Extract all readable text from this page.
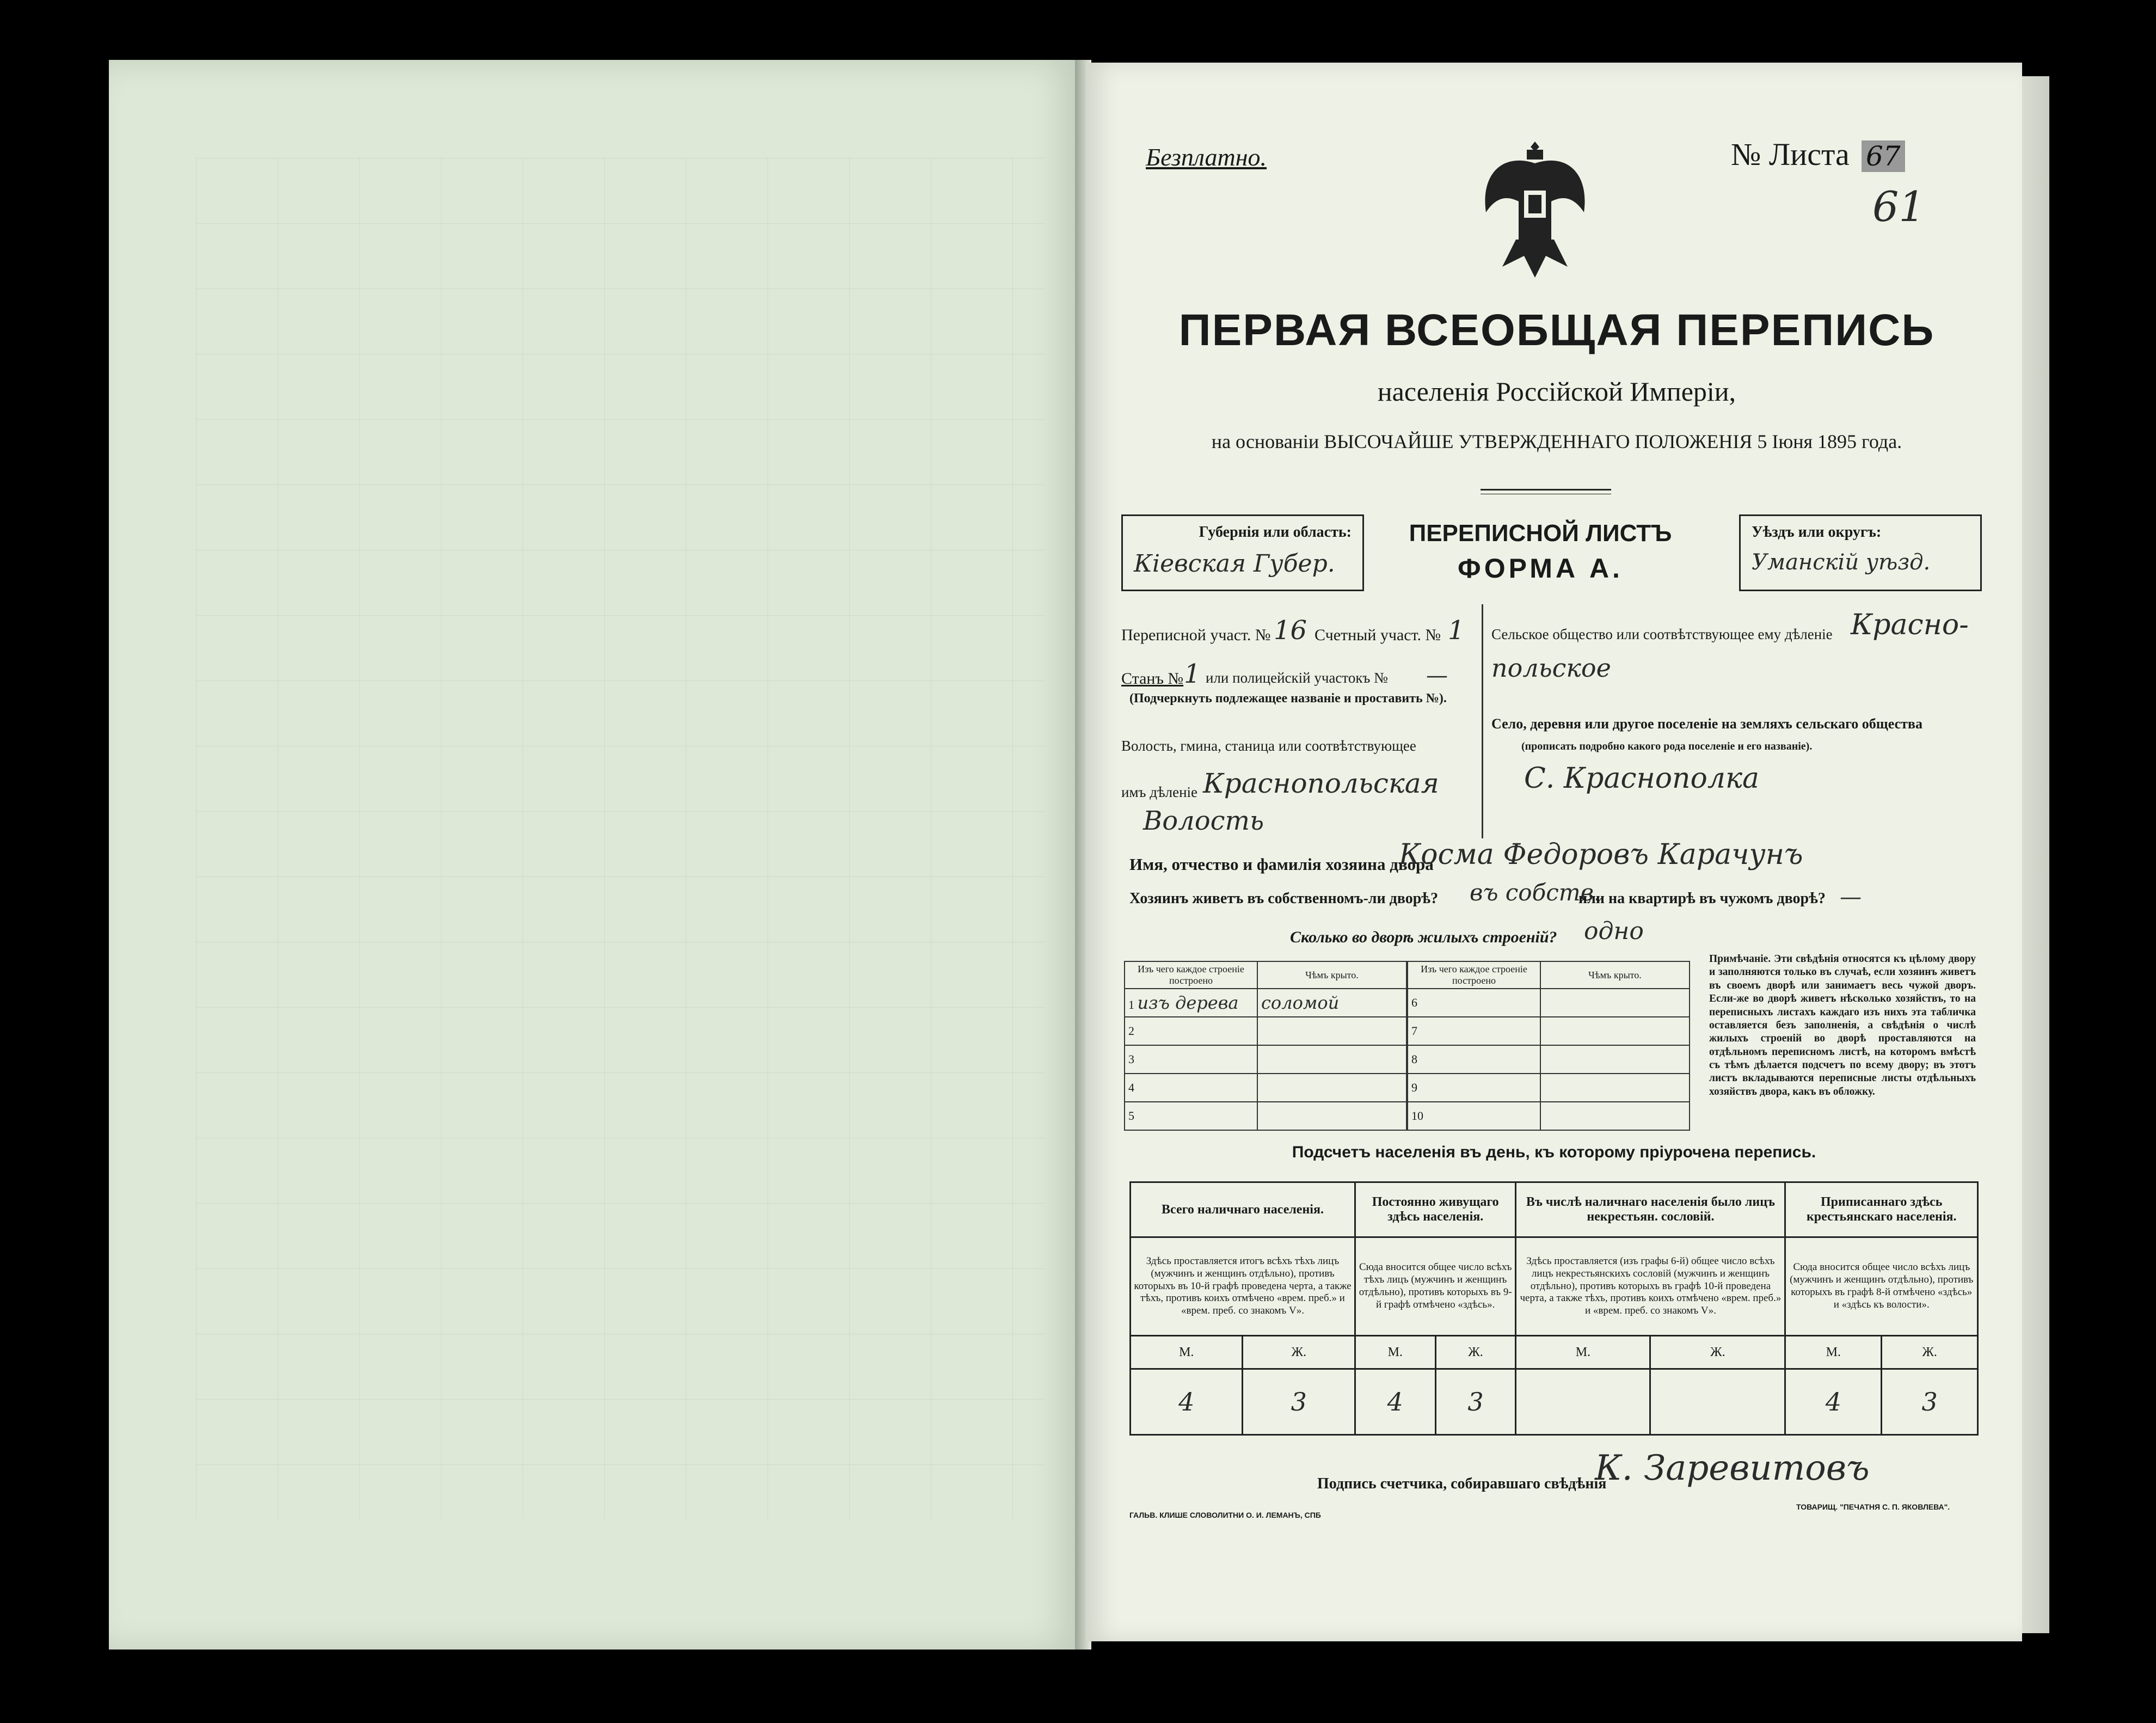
Безплатно.	№ Листа 67
61
ПЕРВАЯ ВСЕОБЩАЯ ПЕРЕПИСЬ
населенія Россійской Имперіи,
на основаніи ВЫСОЧАЙШЕ УТВЕРЖДЕННАГО ПОЛОЖЕНІЯ 5 Іюня 1895 года.
Губернія или область:
Кіевская Губер.
ПЕРЕПИСНОЙ ЛИСТЪ
ФОРМА А.
Уѣздъ или округъ:
Уманскій уѣзд.
Переписной участ. № 16 Счетный участ. № 1
Станъ № 1 или полицейскій участокъ № —
(Подчеркнуть подлежащее названіе и проставить №).
Волость, гмина, станица или соотвѣтствующее
имъ дѣленіе Краснопольская
Волость
Сельское общество или соотвѣтствующее ему дѣленіе Красно-
польское
Село, деревня или другое поселеніе на земляхъ сельскаго общества
(прописать подробно какого рода поселеніе и его названіе).
С. Краснополка
Имя, отчество и фамилія хозяина двора
Косма Федоровъ Карачунъ
Хозяинъ живетъ въ собственномъ-ли дворѣ? въ собств.
или на квартирѣ въ чужомъ дворѣ? —
Сколько во дворѣ жилыхъ строеній? одно
Изъ чего каждое строеніе построено	Чѣмъ крыто.
1 изъ дерева	соломой
2	
3	
4	
5	
Изъ чего каждое строеніе построено	Чѣмъ крыто.
6	
7	
8	
9	
10	
Примѣчаніе. Эти свѣдѣнія относятся къ цѣлому двору и заполняются только въ случаѣ, если хозяинъ живетъ въ своемъ дворѣ или занимаетъ весь чужой дворъ. Если-же во дворѣ живетъ нѣсколько хозяйствъ, то на переписныхъ листахъ каждаго изъ нихъ эта табличка оставляется безъ заполненія, а свѣдѣнія о числѣ жилыхъ строеній во дворѣ проставляются на отдѣльномъ переписномъ листѣ, на которомъ вмѣстѣ съ тѣмъ дѣлается подсчетъ по всему двору; въ этотъ листъ вкладываются переписные листы отдѣльныхъ хозяйствъ двора, какъ въ обложку.
Подсчетъ населенія въ день, къ которому пріурочена перепись.
Всего наличнаго населенія.		Постоянно живущаго здѣсь населенія.		Въ числѣ наличнаго населенія было лицъ некрестьян. сословій.		Приписаннаго здѣсь крестьянскаго населенія.	
Здѣсь проставляется итогъ всѣхъ тѣхъ лицъ (мужчинъ и женщинъ отдѣльно), противъ которыхъ въ 10-й графѣ проведена черта, а также тѣхъ, противъ коихъ отмѣчено «врем. преб.» и «врем. преб. со знакомъ V».		Сюда вносится общее число всѣхъ тѣхъ лицъ (мужчинъ и женщинъ отдѣльно), противъ которыхъ въ 9-й графѣ отмѣчено «здѣсь».		Здѣсь проставляется (изъ графы 6-й) общее число всѣхъ лицъ некрестьянскихъ сословій (мужчинъ и женщинъ отдѣльно), противъ которыхъ въ графѣ 10-й проведена черта, а также тѣхъ, противъ коихъ отмѣчено «врем. преб.» и «врем. преб. со знакомъ V».		Сюда вносится общее число всѣхъ лицъ (мужчинъ и женщинъ отдѣльно), противъ которыхъ въ графѣ 8-й отмѣчено «здѣсь» и «здѣсь къ волости».	
М.	Ж.	М.	Ж.	М.	Ж.	М.	Ж.
4	3	4	3			4	3
Подпись счетчика, собиравшаго свѣдѣнія
К. Заревитовъ
ГАЛЬВ. КЛИШЕ СЛОВОЛИТНИ О. И. ЛЕМАНЪ, СПБ
ТОВАРИЩ. "ПЕЧАТНЯ С. П. ЯКОВЛЕВА".
